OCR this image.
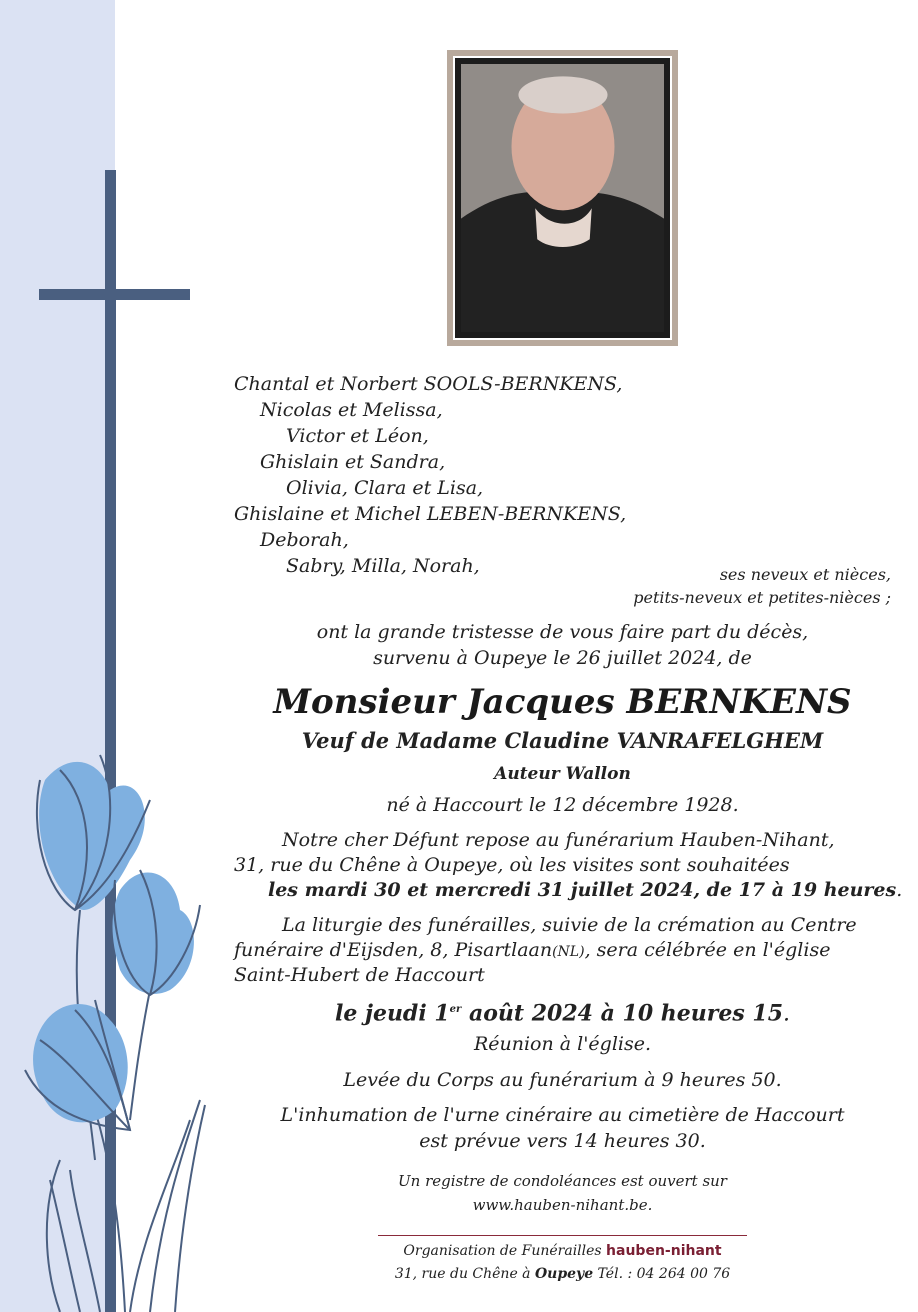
Chantal et Norbert SOOLS-BERNKENS,
Nicolas et Melissa,
Victor et Léon,
Ghislain et Sandra,
Olivia, Clara et Lisa,
Ghislaine et Michel LEBEN-BERNKENS,
Deborah,
Sabry, Milla, Norah,	ses neveux et nièces,
petits-neveux et petites-nièces ;
ont la grande tristesse de vous faire part du décès,
survenu à Oupeye le 26 juillet 2024, de
Monsieur Jacques BERNKENS
Veuf de Madame Claudine VANRAFELGHEM
Auteur Wallon
né à Haccourt le 12 décembre 1928.
Notre cher Défunt repose au funérarium Hauben-Nihant,
31, rue du Chêne à Oupeye, où les visites sont souhaitées
les mardi 30 et mercredi 31 juillet 2024, de 17 à 19 heures.
La liturgie des funérailles, suivie de la crémation au Centre
funéraire d'Eijsden, 8, Pisartlaan(NL), sera célébrée en l'église
Saint-Hubert de Haccourt
le jeudi 1er août 2024 à 10 heures 15.
Réunion à l'église.
Levée du Corps au funérarium à 9 heures 50.
L'inhumation de l'urne cinéraire au cimetière de Haccourt
est prévue vers 14 heures 30.
Un registre de condoléances est ouvert sur
www.hauben-nihant.be.
Organisation de Funérailles hauben-nihant
31, rue du Chêne à Oupeye Tél. : 04 264 00 76
